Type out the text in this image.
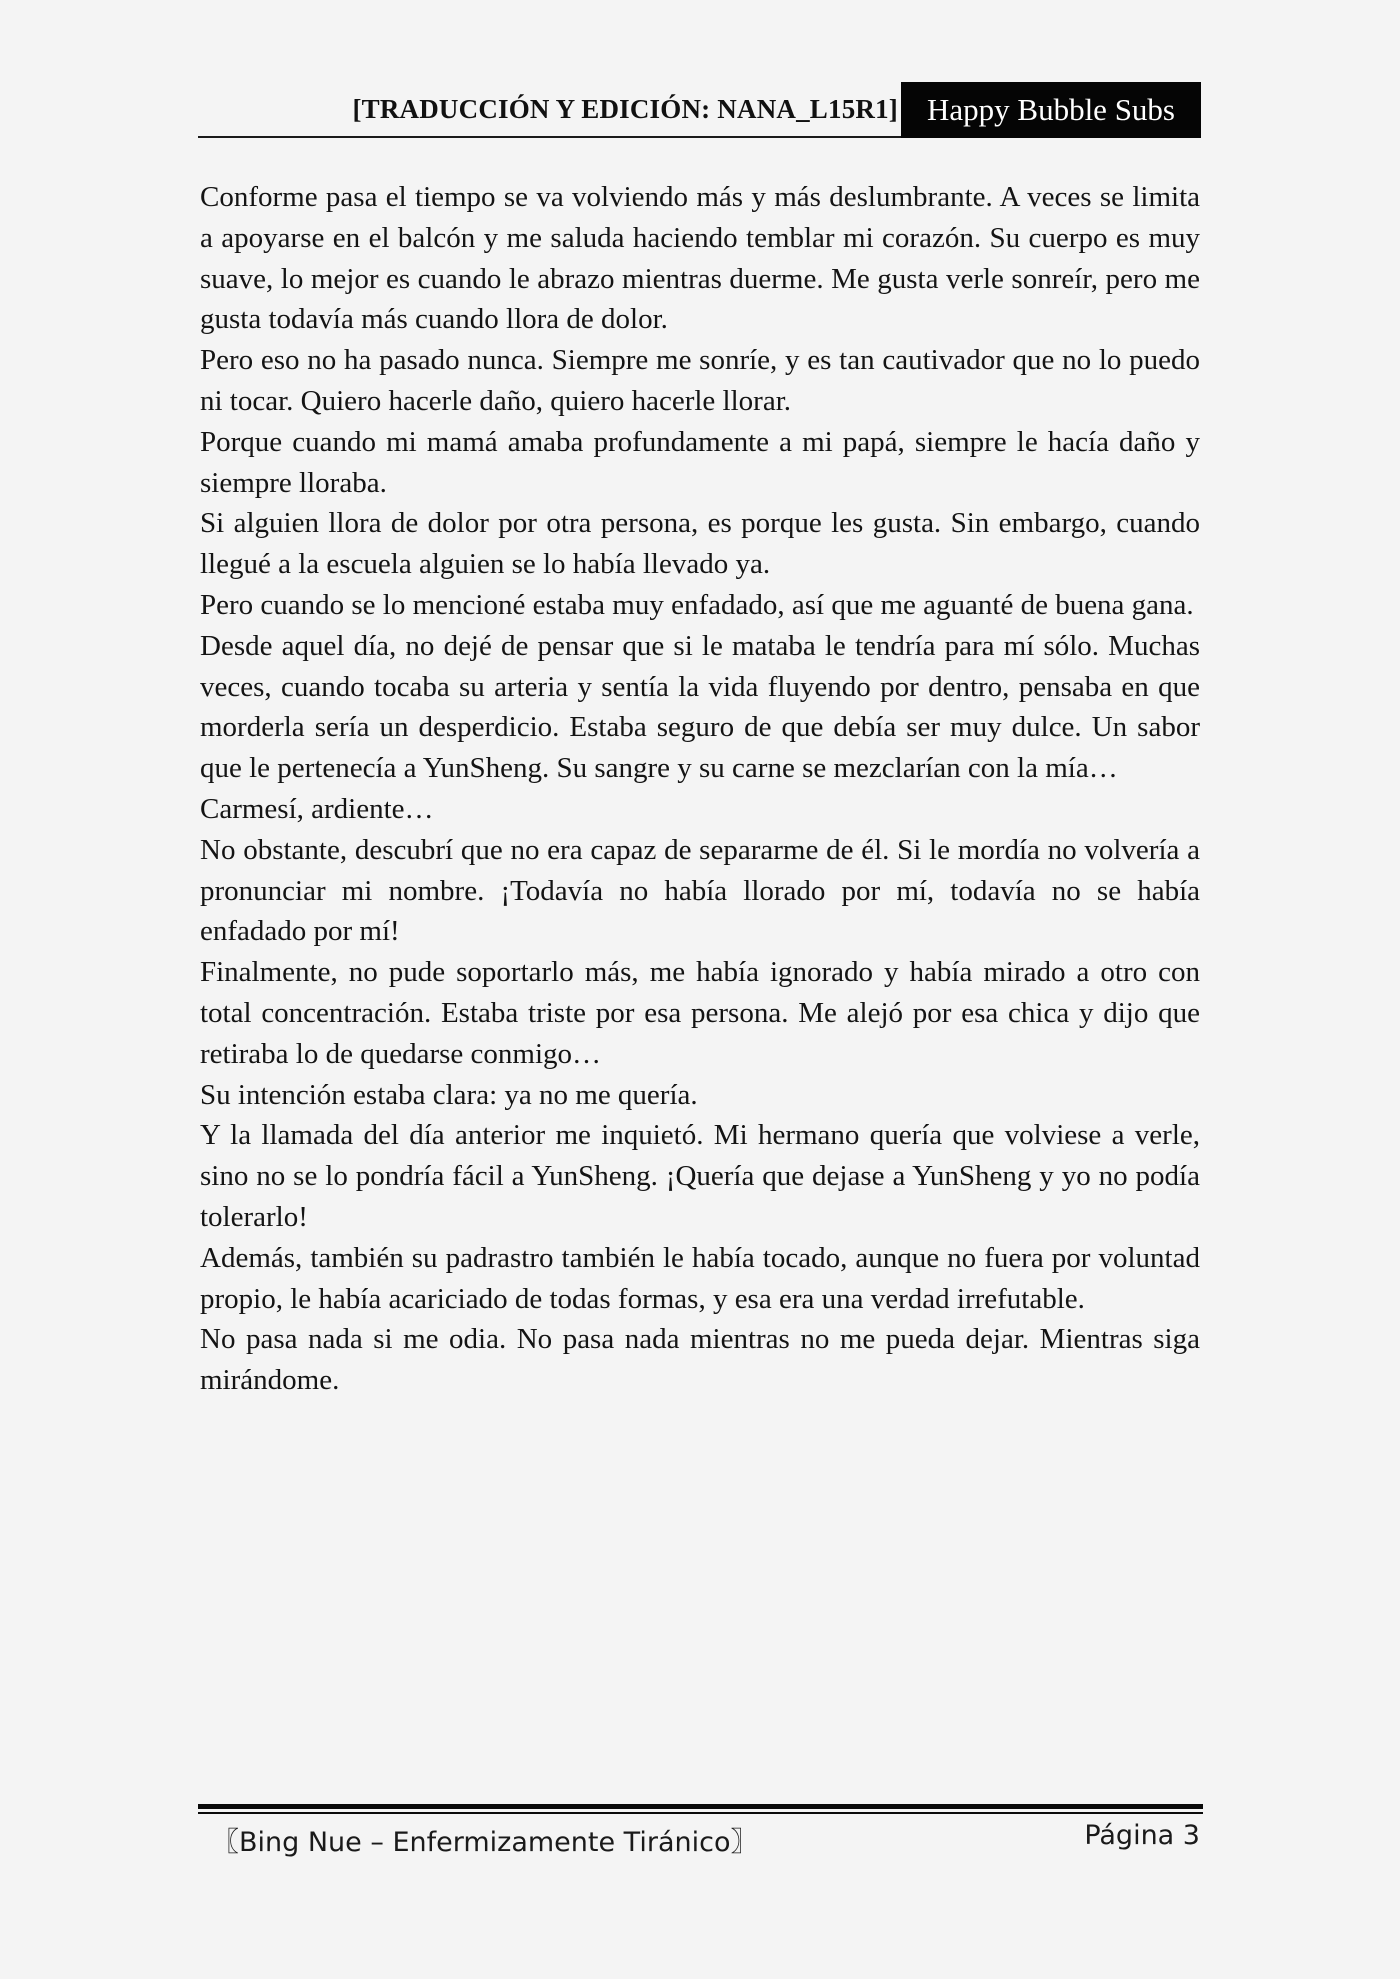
[TRADUCCIÓN Y EDICIÓN: NANA_L15R1] Happy Bubble Subs

Conforme pasa el tiempo se va volviendo más y más deslumbrante. A veces se limita a apoyarse en el balcón y me saluda haciendo temblar mi corazón. Su cuerpo es muy suave, lo mejor es cuando le abrazo mientras duerme. Me gusta verle sonreír, pero me gusta todavía más cuando llora de dolor.

Pero eso no ha pasado nunca. Siempre me sonríe, y es tan cautivador que no lo puedo ni tocar. Quiero hacerle daño, quiero hacerle llorar.

Porque cuando mi mamá amaba profundamente a mi papá, siempre le hacía daño y siempre lloraba.

Si alguien llora de dolor por otra persona, es porque les gusta. Sin embargo, cuando llegué a la escuela alguien se lo había llevado ya.

Pero cuando se lo mencioné estaba muy enfadado, así que me aguanté de buena gana.

Desde aquel día, no dejé de pensar que si le mataba le tendría para mí sólo. Muchas veces, cuando tocaba su arteria y sentía la vida fluyendo por dentro, pensaba en que morderla sería un desperdicio. Estaba seguro de que debía ser muy dulce. Un sabor que le pertenecía a YunSheng. Su sangre y su carne se mezclarían con la mía…

Carmesí, ardiente…

No obstante, descubrí que no era capaz de separarme de él. Si le mordía no volvería a pronunciar mi nombre. ¡Todavía no había llorado por mí, todavía no se había enfadado por mí!

Finalmente, no pude soportarlo más, me había ignorado y había mirado a otro con total concentración. Estaba triste por esa persona. Me alejó por esa chica y dijo que retiraba lo de quedarse conmigo…

Su intención estaba clara: ya no me quería.

Y la llamada del día anterior me inquietó. Mi hermano quería que volviese a verle, sino no se lo pondría fácil a YunSheng. ¡Quería que dejase a YunSheng y yo no podía tolerarlo!

Además, también su padrastro también le había tocado, aunque no fuera por voluntad propio, le había acariciado de todas formas, y esa era una verdad irrefutable.

No pasa nada si me odia. No pasa nada mientras no me pueda dejar. Mientras siga mirándome.

〖Bing Nue – Enfermizamente Tiránico〗	Página 3
